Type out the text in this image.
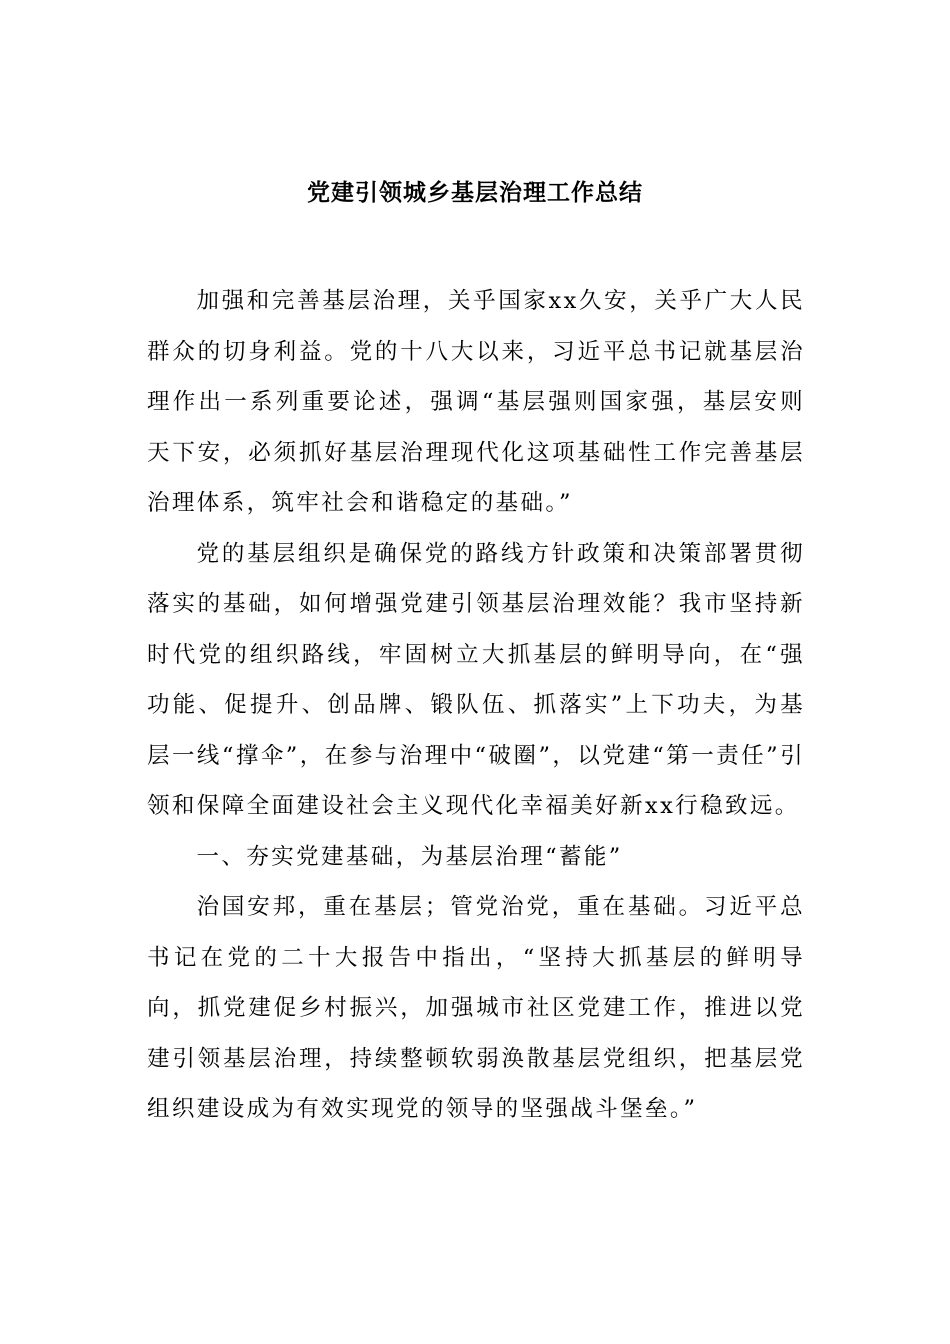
党建引领城乡基层治理工作总结

加强和完善基层治理，关乎国家xx久安，关乎广大人民群众的切身利益。党的十八大以来，习近平总书记就基层治理作出一系列重要论述，强调“基层强则国家强，基层安则天下安，必须抓好基层治理现代化这项基础性工作完善基层治理体系，筑牢社会和谐稳定的基础。”

党的基层组织是确保党的路线方针政策和决策部署贯彻落实的基础，如何增强党建引领基层治理效能？我市坚持新时代党的组织路线，牢固树立大抓基层的鲜明导向，在“强功能、促提升、创品牌、锻队伍、抓落实”上下功夫，为基层一线“撑伞”，在参与治理中“破圈”，以党建“第一责任”引领和保障全面建设社会主义现代化幸福美好新xx行稳致远。

一、夯实党建基础，为基层治理“蓄能”

治国安邦，重在基层；管党治党，重在基础。习近平总书记在党的二十大报告中指出，“坚持大抓基层的鲜明导向，抓党建促乡村振兴，加强城市社区党建工作，推进以党建引领基层治理，持续整顿软弱涣散基层党组织，把基层党组织建设成为有效实现党的领导的坚强战斗堡垒。”
